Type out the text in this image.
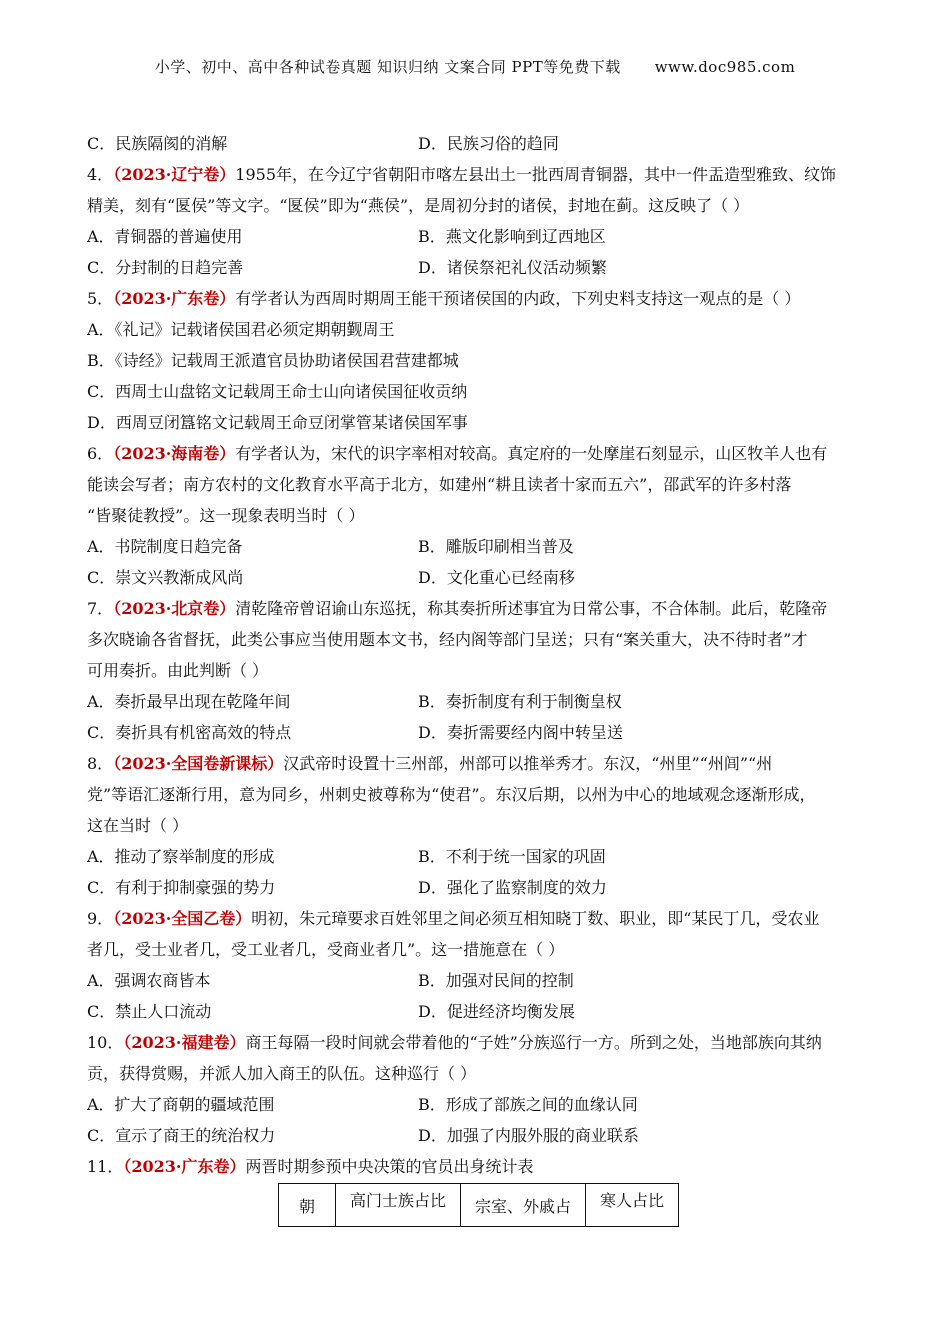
小学、初中、高中各种试卷真题 知识归纳 文案合同 PPT等免费下载 www.doc985.com
C．民族隔阂的消解	D．民族习俗的趋同
4．（2023·辽宁卷）1955年，在今辽宁省朝阳市喀左县出土一批西周青铜器，其中一件盂造型雅致、纹饰
精美，刻有“匽侯”等文字。“匽侯”即为“燕侯”，是周初分封的诸侯，封地在蓟。这反映了（ ）
A．青铜器的普遍使用	B．燕文化影响到辽西地区
C．分封制的日趋完善	D．诸侯祭祀礼仪活动频繁
5．（2023·广东卷）有学者认为西周时期周王能干预诸侯国的内政，下列史料支持这一观点的是（ ）
A．《礼记》记载诸侯国君必须定期朝觐周王
B．《诗经》记载周王派遣官员协助诸侯国君营建都城
C．西周士山盘铭文记载周王命士山向诸侯国征收贡纳
D．西周豆闭簋铭文记载周王命豆闭掌管某诸侯国军事
6．（2023·海南卷）有学者认为，宋代的识字率相对较高。真定府的一处摩崖石刻显示，山区牧羊人也有
能读会写者；南方农村的文化教育水平高于北方，如建州“耕且读者十家而五六”，邵武军的许多村落
“皆聚徒教授”。这一现象表明当时（ ）
A．书院制度日趋完备	B．雕版印刷相当普及
C．崇文兴教渐成风尚	D．文化重心已经南移
7．（2023·北京卷）清乾隆帝曾诏谕山东巡抚，称其奏折所述事宜为日常公事，不合体制。此后，乾隆帝
多次晓谕各省督抚，此类公事应当使用题本文书，经内阁等部门呈送；只有“案关重大，决不待时者”才
可用奏折。由此判断（ ）
A．奏折最早出现在乾隆年间	B．奏折制度有利于制衡皇权
C．奏折具有机密高效的特点	D．奏折需要经内阁中转呈送
8．（2023·全国卷新课标）汉武帝时设置十三州部，州部可以推举秀才。东汉，“州里”“州闾”“州
党”等语汇逐渐行用，意为同乡，州刺史被尊称为“使君”。东汉后期，以州为中心的地域观念逐渐形成，
这在当时（ ）
A．推动了察举制度的形成	B．不利于统一国家的巩固
C．有利于抑制豪强的势力	D．强化了监察制度的效力
9．（2023·全国乙卷）明初，朱元璋要求百姓邻里之间必须互相知晓丁数、职业，即“某民丁几，受农业
者几，受士业者几，受工业者几，受商业者几”。这一措施意在（ ）
A．强调农商皆本	B．加强对民间的控制
C．禁止人口流动	D．促进经济均衡发展
10．（2023·福建卷）商王每隔一段时间就会带着他的“子姓”分族巡行一方。所到之处，当地部族向其纳
贡，获得赏赐，并派人加入商王的队伍。这种巡行（ ）
A．扩大了商朝的疆域范围	B．形成了部族之间的血缘认同
C．宣示了商王的统治权力	D．加强了内服外服的商业联系
11．（2023·广东卷）两晋时期参预中央决策的官员出身统计表
朝	高门士族占比	宗室、外戚占	寒人占比
